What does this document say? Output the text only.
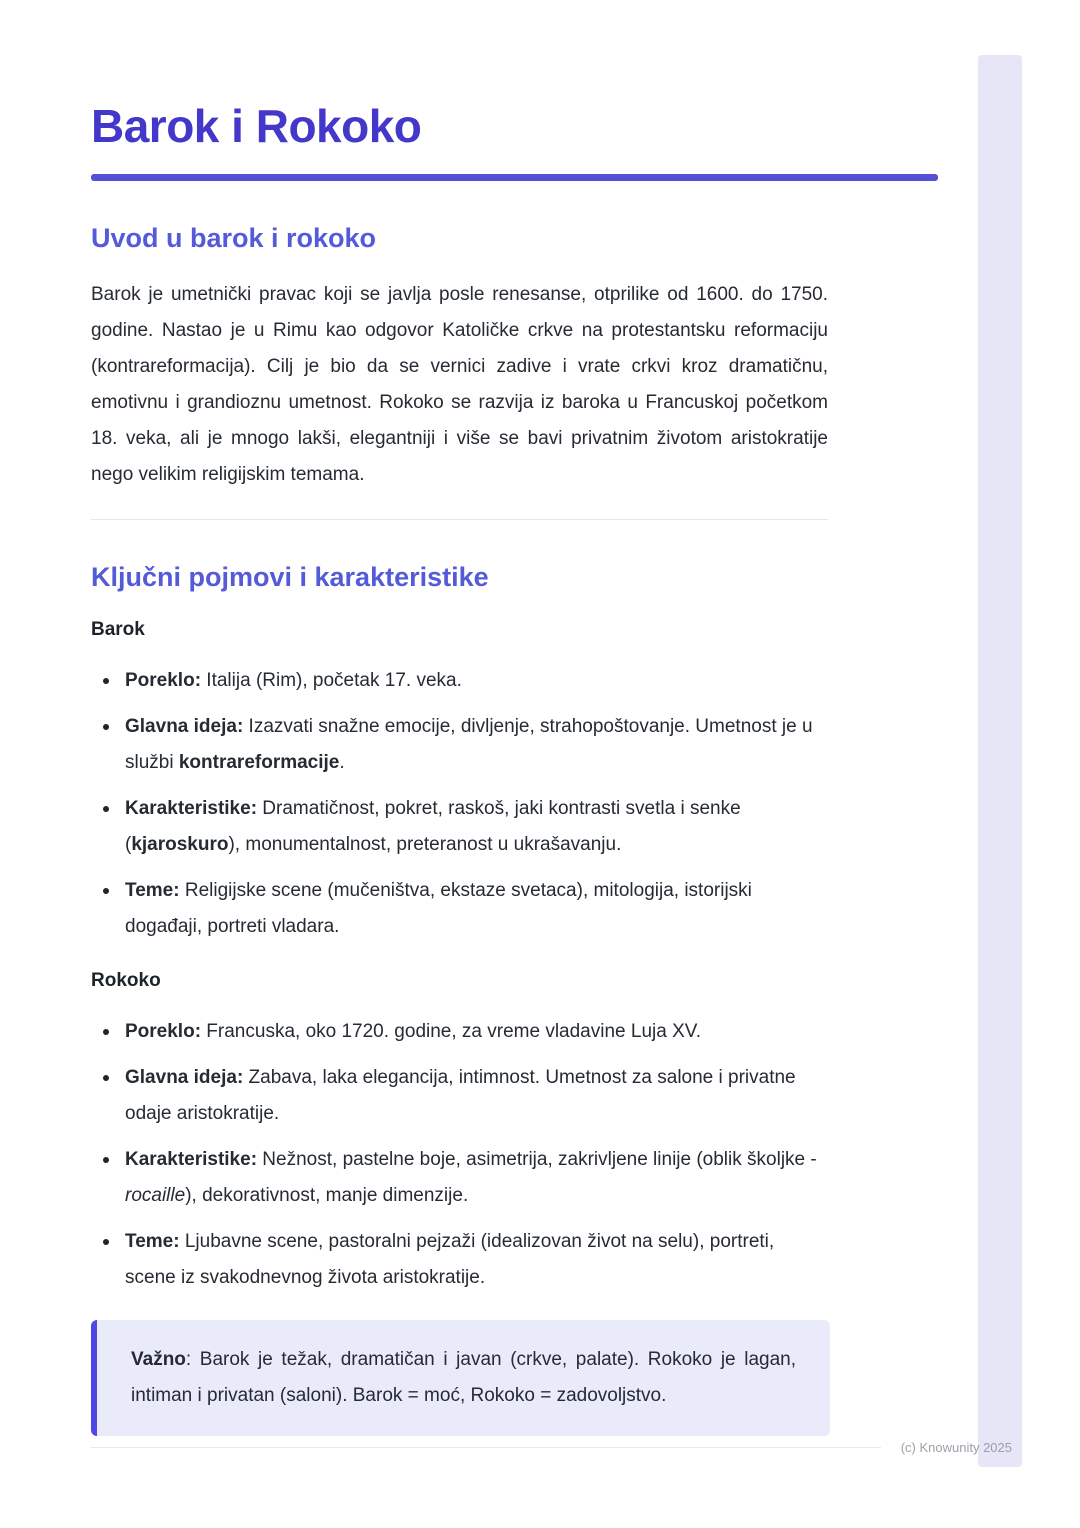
Barok i Rokoko
Uvod u barok i rokoko

Barok je umetnički pravac koji se javlja posle renesanse, otprilike od 1600. do 1750. godine. Nastao je u Rimu kao odgovor Katoličke crkve na protestantsku reformaciju (kontrareformacija). Cilj je bio da se vernici zadive i vrate crkvi kroz dramatičnu, emotivnu i grandioznu umetnost. Rokoko se razvija iz baroka u Francuskoj početkom 18. veka, ali je mnogo lakši, elegantniji i više se bavi privatnim životom aristokratije nego velikim religijskim temama.

Ključni pojmovi i karakteristike
Barok
Poreklo: Italija (Rim), početak 17. veka.
Glavna ideja: Izazvati snažne emocije, divljenje, strahopoštovanje. Umetnost je u službi kontrareformacije.
Karakteristike: Dramatičnost, pokret, raskoš, jaki kontrasti svetla i senke (kjaroskuro), monumentalnost, preteranost u ukrašavanju.
Teme: Religijske scene (mučeništva, ekstaze svetaca), mitologija, istorijski događaji, portreti vladara.
Rokoko
Poreklo: Francuska, oko 1720. godine, za vreme vladavine Luja XV.
Glavna ideja: Zabava, laka elegancija, intimnost. Umetnost za salone i privatne odaje aristokratije.
Karakteristike: Nežnost, pastelne boje, asimetrija, zakrivljene linije (oblik školjke - rocaille), dekorativnost, manje dimenzije.
Teme: Ljubavne scene, pastoralni pejzaži (idealizovan život na selu), portreti, scene iz svakodnevnog života aristokratije.
Važno: Barok je težak, dramatičan i javan (crkve, palate). Rokoko je lagan, intiman i privatan (saloni). Barok = moć, Rokoko = zadovoljstvo.
(c) Knowunity 2025
